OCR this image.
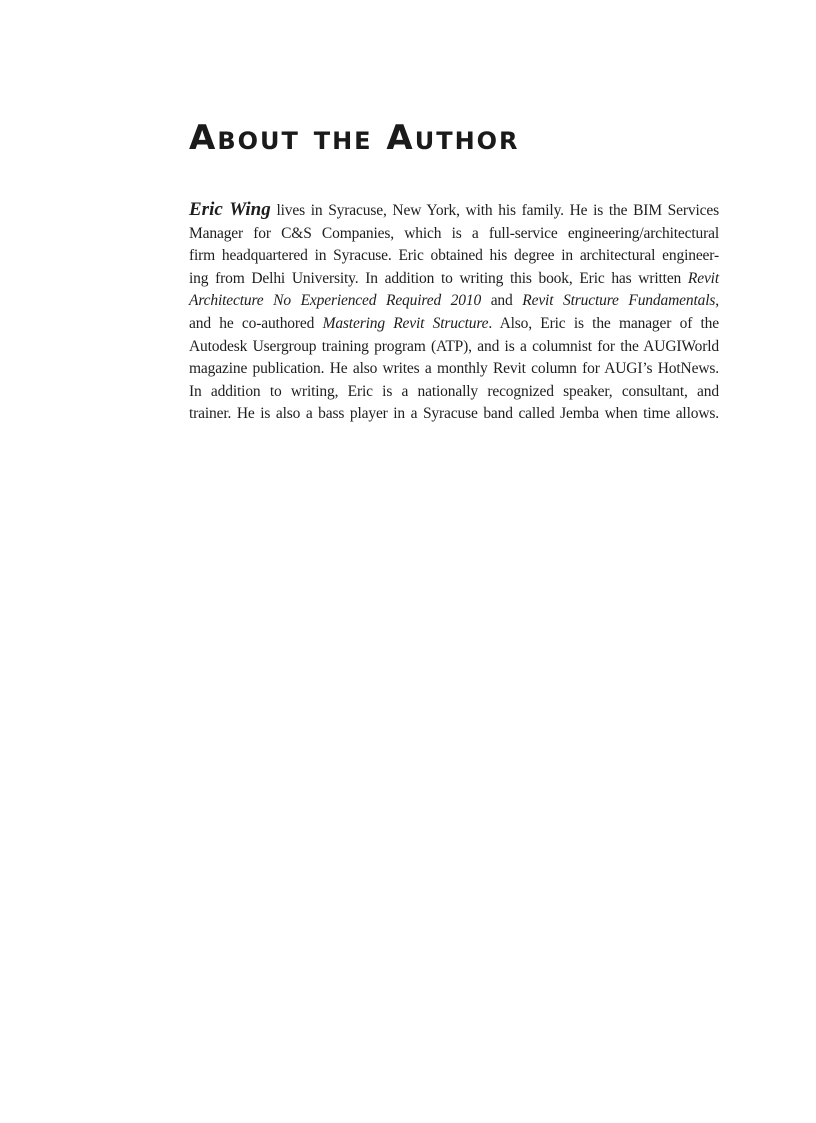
About the Author
Eric Wing lives in Syracuse, New York, with his family. He is the BIM Services
Manager for C&S Companies, which is a full-service engineering/architectural
firm headquartered in Syracuse. Eric obtained his degree in architectural engineer-
ing from Delhi University. In addition to writing this book, Eric has written Revit
Architecture No Experienced Required 2010 and Revit Structure Fundamentals,
and he co-authored Mastering Revit Structure. Also, Eric is the manager of the
Autodesk Usergroup training program (ATP), and is a columnist for the AUGIWorld
magazine publication. He also writes a monthly Revit column for AUGI’s HotNews.
In addition to writing, Eric is a nationally recognized speaker, consultant, and
trainer. He is also a bass player in a Syracuse band called Jemba when time allows.
